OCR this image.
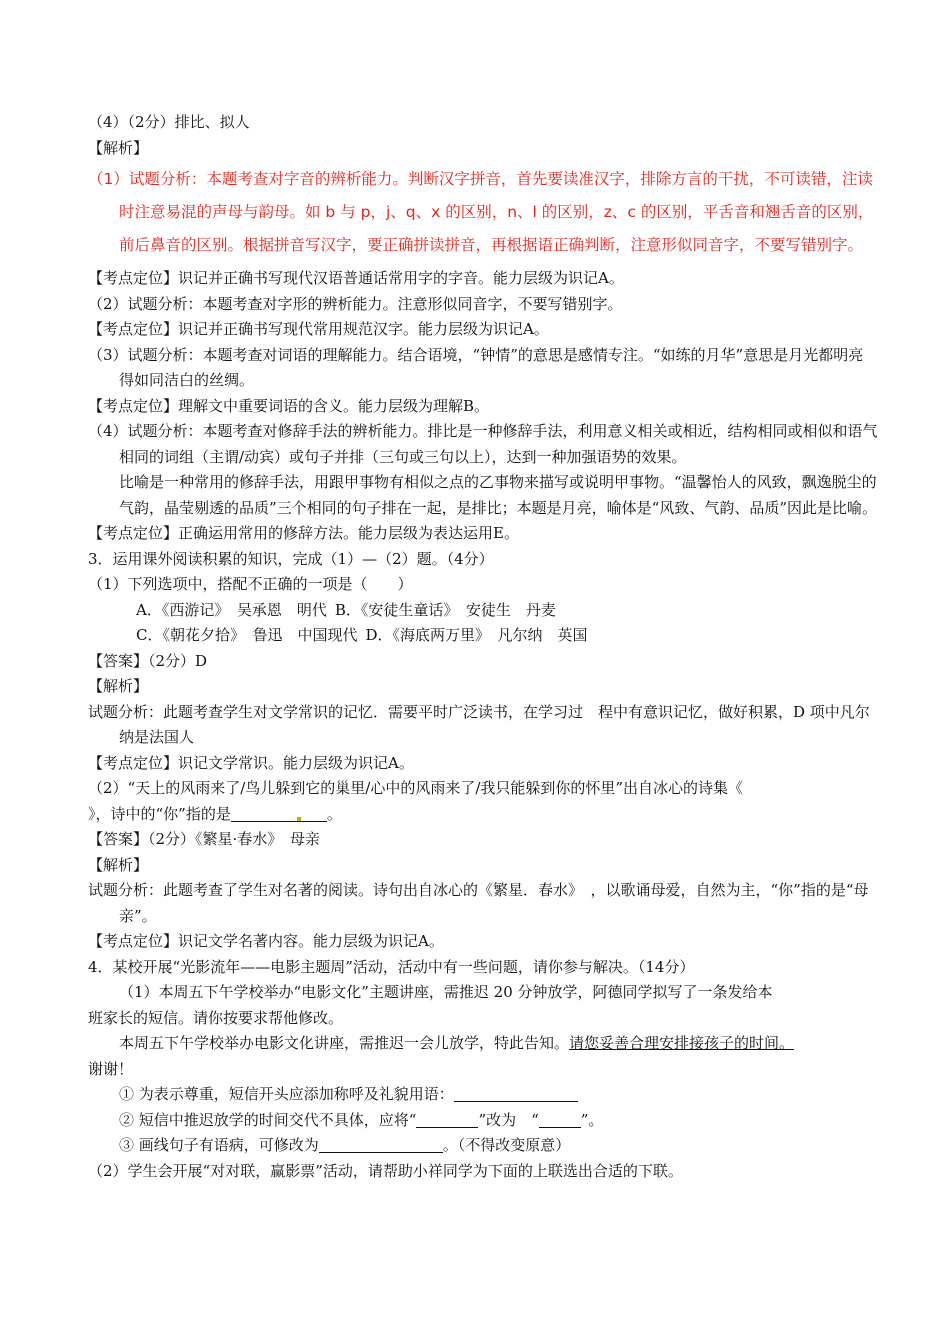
（4）（2分）排比、拟人
【解析】
（1）试题分析：本题考查对字音的辨析能力。判断汉字拼音，首先要读准汉字，排除方言的干扰，不可读错，注读时注意易混的声母与韵母。如 b 与 p，j、q、x 的区别，n、l 的区别，z、c 的区别，平舌音和翘舌音的区别，前后鼻音的区别。根据拼音写汉字，要正确拼读拼音，再根据语正确判断，注意形似同音字，不要写错别字。
【考点定位】识记并正确书写现代汉语普通话常用字的字音。能力层级为识记A。
（2）试题分析：本题考查对字形的辨析能力。注意形似同音字，不要写错别字。
【考点定位】识记并正确书写现代常用规范汉字。能力层级为识记A。
（3）试题分析：本题考查对词语的理解能力。结合语境，“钟情”的意思是感情专注。“如练的月华”意思是月光都明亮得如同洁白的丝绸。
【考点定位】理解文中重要词语的含义。能力层级为理解B。
（4）试题分析：本题考查对修辞手法的辨析能力。排比是一种修辞手法，利用意义相关或相近，结构相同或相似和语气相同的词组（主谓/动宾）或句子并排（三句或三句以上），达到一种加强语势的效果。
比喻是一种常用的修辞手法，用跟甲事物有相似之点的乙事物来描写或说明甲事物。“温馨怡人的风致，飘逸脱尘的气韵，晶莹剔透的品质”三个相同的句子排在一起，是排比；本题是月亮，喻体是“风致、气韵、品质”因此是比喻。
【考点定位】正确运用常用的修辞方法。能力层级为表达运用E。
3．运用课外阅读积累的知识，完成（1）—（2）题。（4分）
（1）下列选项中，搭配不正确的一项是（　　）
A．《西游记》　吴承恩　明代 B．《安徒生童话》　安徒生　丹麦
C．《朝花夕拾》　鲁迅　中国现代 D．《海底两万里》　凡尔纳　英国
【答案】（2分）D
【解析】
试题分析：此题考查学生对文学常识的记忆．需要平时广泛读书，在学习过　程中有意识记忆，做好积累，D 项中凡尔纳是法国人
【考点定位】识记文学常识。能力层级为识记A。
（2）“天上的风雨来了/鸟儿躲到它的巢里/心中的风雨来了/我只能躲到你的怀里”出自冰心的诗集《
》，诗中的“你”指的是	。
【答案】（2分）《繁星·春水》　母亲
【解析】
试题分析：此题考查了学生对名著的阅读。诗句出自冰心的《繁星．春水》　，以歌诵母爱，自然为主，“你”指的是“母　亲”。
【考点定位】识记文学名著内容。能力层级为识记A。
4．某校开展“光影流年——电影主题周”活动，活动中有一些问题，请你参与解决。（14分）
（1）本周五下午学校举办“电影文化”主题讲座，需推迟 20 分钟放学，阿德同学拟写了一条发给本
班家长的短信。请你按要求帮他修改。
本周五下午学校举办电影文化讲座，需推迟一会儿放学，特此告知。请您妥善合理安排接孩子的时间。
谢谢！
① 为表示尊重，短信开头应添加称呼及礼貌用语：
② 短信中推迟放学的时间交代不具体，应将“	”改为　“	”。
③ 画线句子有语病，可修改为	。（不得改变原意）
（2）学生会开展“对对联，赢影票”活动，请帮助小祥同学为下面的上联选出合适的下联。
